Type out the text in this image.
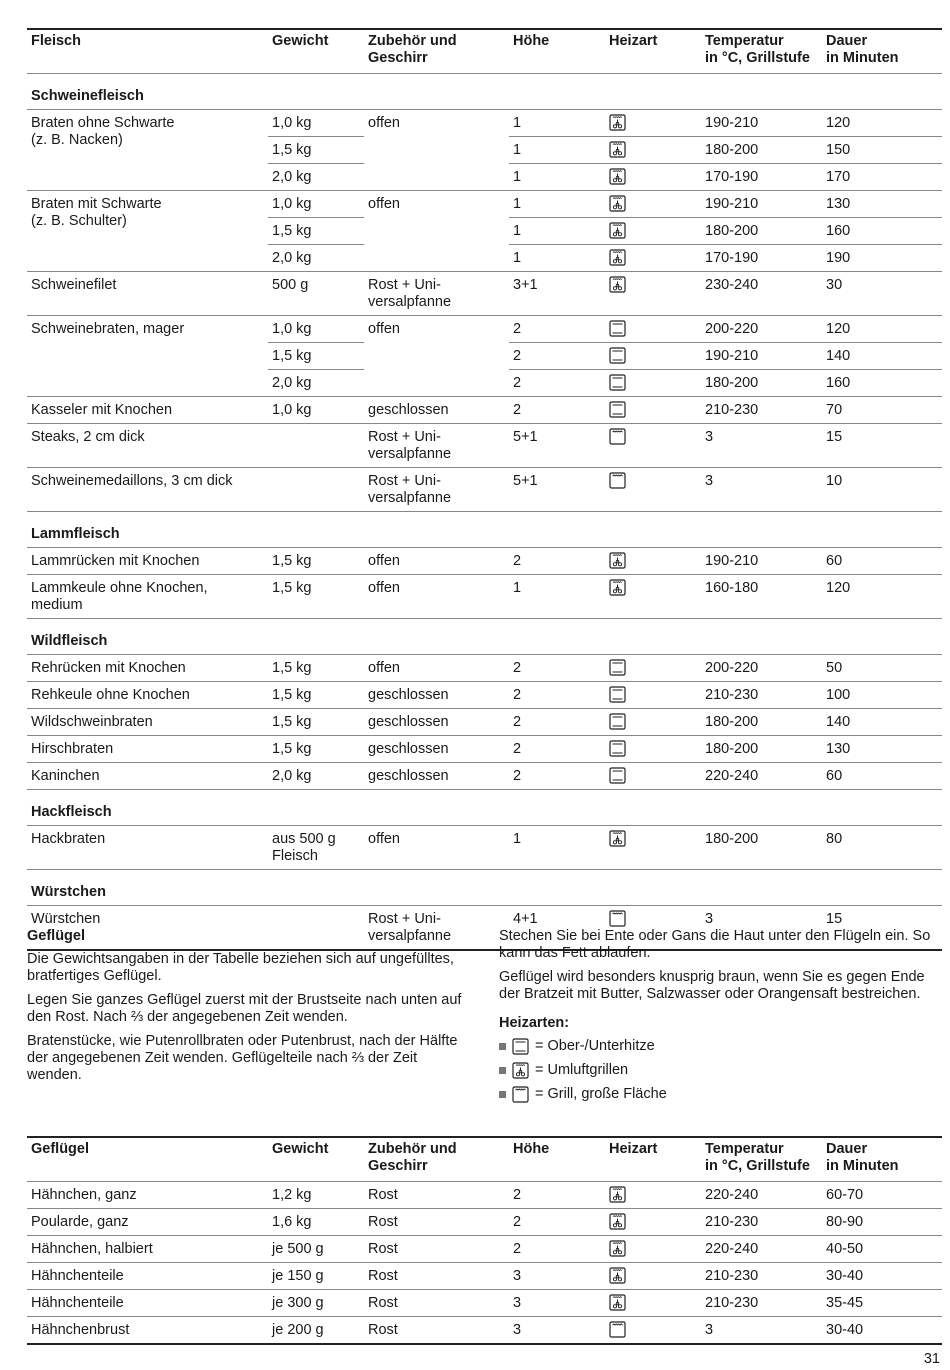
Fleisch	Gewicht	Zubehör und
Geschirr	Höhe	Heizart	Temperatur
in °C, Grillstufe	Dauer
in Minuten
Schweinefleisch						
Braten ohne Schwarte
(z. B. Nacken)	1,0 kg	offen	1		190-210	120
	1,5 kg		1		180-200	150
	2,0 kg		1		170-190	170
Braten mit Schwarte
(z. B. Schulter)	1,0 kg	offen	1		190-210	130
	1,5 kg		1		180-200	160
	2,0 kg		1		170-190	190
Schweinefilet	500 g	Rost + Uni-
versalpfanne	3+1		230-240	30
Schweinebraten, mager	1,0 kg	offen	2		200-220	120
	1,5 kg		2		190-210	140
	2,0 kg		2		180-200	160
Kasseler mit Knochen	1,0 kg	geschlossen	2		210-230	70
Steaks, 2 cm dick		Rost + Uni-
versalpfanne	5+1		3	15
Schweinemedaillons, 3 cm dick		Rost + Uni-
versalpfanne	5+1		3	10
Lammfleisch						
Lammrücken mit Knochen	1,5 kg	offen	2		190-210	60
Lammkeule ohne Knochen,
medium	1,5 kg	offen	1		160-180	120
Wildfleisch						
Rehrücken mit Knochen	1,5 kg	offen	2		200-220	50
Rehkeule ohne Knochen	1,5 kg	geschlossen	2		210-230	100
Wildschweinbraten	1,5 kg	geschlossen	2		180-200	140
Hirschbraten	1,5 kg	geschlossen	2		180-200	130
Kaninchen	2,0 kg	geschlossen	2		220-240	60
Hackfleisch						
Hackbraten	aus 500 g
Fleisch	offen	1		180-200	80
Würstchen						
Würstchen		Rost + Uni-
versalpfanne	4+1		3	15
Geflügel

Die Gewichtsangaben in der Tabelle beziehen sich auf ungefülltes, bratfertiges Geflügel.

Legen Sie ganzes Geflügel zuerst mit der Brustseite nach unten auf den Rost. Nach ⅔ der angegebenen Zeit wenden.

Bratenstücke, wie Putenrollbraten oder Putenbrust, nach der Hälfte der angegebenen Zeit wenden. Geflügelteile nach ⅔ der Zeit wenden.

Stechen Sie bei Ente oder Gans die Haut unter den Flügeln ein. So kann das Fett ablaufen.

Geflügel wird besonders knusprig braun, wenn Sie es gegen Ende der Bratzeit mit Butter, Salzwasser oder Orangensaft bestreichen.

Heizarten:
= Ober-/Unterhitze
= Umluftgrillen
= Grill, große Fläche
Geflügel	Gewicht	Zubehör und
Geschirr	Höhe	Heizart	Temperatur
in °C, Grillstufe	Dauer
in Minuten
Hähnchen, ganz	1,2 kg	Rost	2		220-240	60-70
Poularde, ganz	1,6 kg	Rost	2		210-230	80-90
Hähnchen, halbiert	je 500 g	Rost	2		220-240	40-50
Hähnchenteile	je 150 g	Rost	3		210-230	30-40
Hähnchenteile	je 300 g	Rost	3		210-230	35-45
Hähnchenbrust	je 200 g	Rost	3		3	30-40
31
